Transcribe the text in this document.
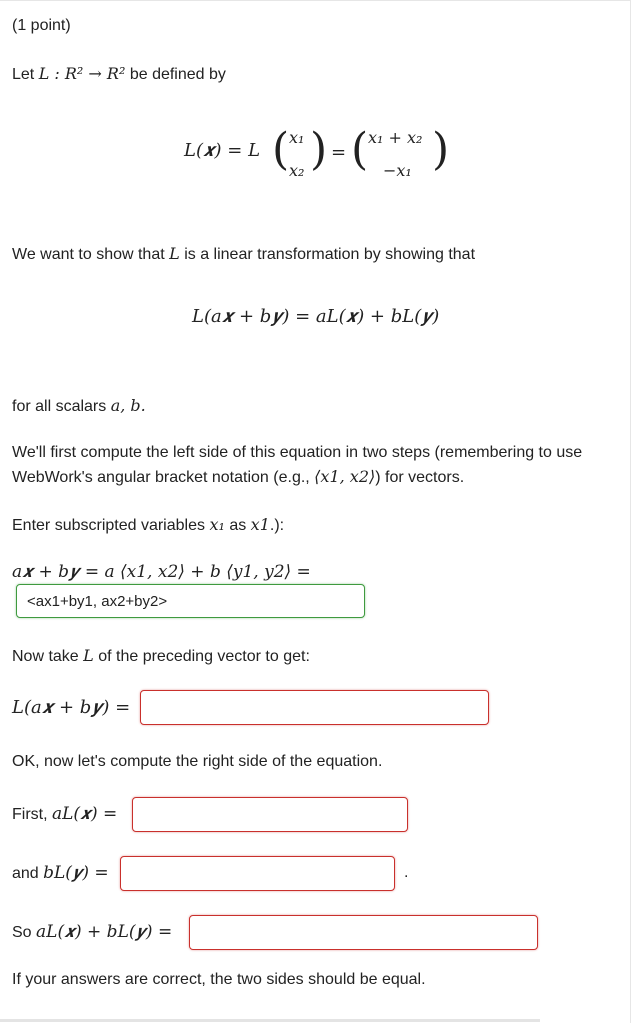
(1 point)
Let L : R² → R² be defined by
L(𝒙) = L ( x₁
x₂ ) = ( x₁ + x₂
−x₁ )
We want to show that L is a linear transformation by showing that
L(a𝒙 + b𝒚) = aL(𝒙) + bL(𝒚)
for all scalars a, b.
We'll first compute the left side of this equation in two steps (remembering to use
WebWork's angular bracket notation (e.g., ⟨x1, x2⟩) for vectors.
Enter subscripted variables x₁ as x1.):
a𝒙 + b𝒚 = a ⟨x1, x2⟩ + b ⟨y1, y2⟩ =
<ax1+by1, ax2+by2>
Now take L of the preceding vector to get:
L(a𝒙 + b𝒚) =
OK, now let's compute the right side of the equation.
First, aL(𝒙) =
and bL(𝒚) =	.
So aL(𝒙) + bL(𝒚) =
If your answers are correct, the two sides should be equal.
